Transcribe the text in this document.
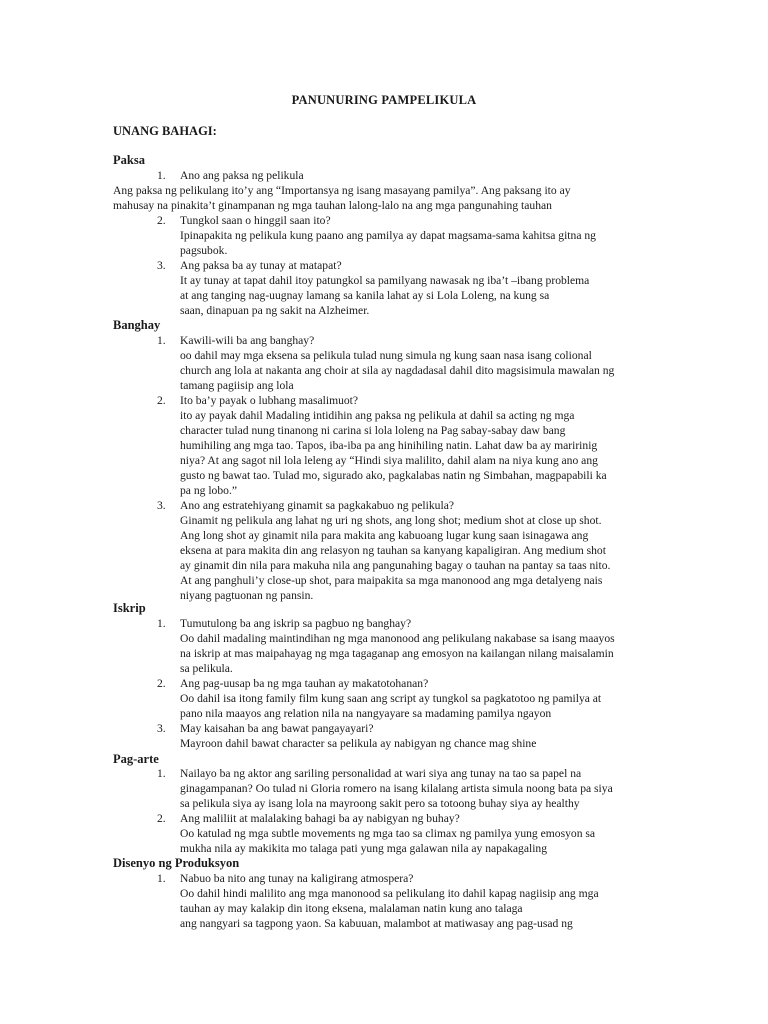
PANUNURING PAMPELIKULA
UNANG BAHAGI:
Paksa
1. Ano ang paksa ng pelikula
Ang paksa ng pelikulang ito’y ang “Importansya ng isang masayang pamilya”. Ang paksang ito ay
mahusay na pinakita’t ginampanan ng mga tauhan lalong-lalo na ang mga pangunahing tauhan
2. Tungkol saan o hinggil saan ito?
Ipinapakita ng pelikula kung paano ang pamilya ay dapat magsama-sama kahitsa gitna ng
pagsubok.
3. Ang paksa ba ay tunay at matapat?
It ay tunay at tapat dahil itoy patungkol sa pamilyang nawasak ng iba’t –ibang problema
at ang tanging nag-uugnay lamang sa kanila lahat ay si Lola Loleng, na kung sa
saan, dinapuan pa ng sakit na Alzheimer.
Banghay
1. Kawili-wili ba ang banghay?
oo dahil may mga eksena sa pelikula tulad nung simula ng kung saan nasa isang colional
church ang lola at nakanta ang choir at sila ay nagdadasal dahil dito magsisimula mawalan ng
tamang pagiisip ang lola
2. Ito ba’y payak o lubhang masalimuot?
ito ay payak dahil Madaling intidihin ang paksa ng pelikula at dahil sa acting ng mga
character tulad nung tinanong ni carina si lola loleng na Pag sabay-sabay daw bang
humihiling ang mga tao. Tapos, iba-iba pa ang hinihiling natin. Lahat daw ba ay maririnig
niya? At ang sagot nil lola leleng ay “Hindi siya malilito, dahil alam na niya kung ano ang
gusto ng bawat tao. Tulad mo, sigurado ako, pagkalabas natin ng Simbahan, magpapabili ka
pa ng lobo.”
3. Ano ang estratehiyang ginamit sa pagkakabuo ng pelikula?
Ginamit ng pelikula ang lahat ng uri ng shots, ang long shot; medium shot at close up shot.
Ang long shot ay ginamit nila para makita ang kabuoang lugar kung saan isinagawa ang
eksena at para makita din ang relasyon ng tauhan sa kanyang kapaligiran. Ang medium shot
ay ginamit din nila para makuha nila ang pangunahing bagay o tauhan na pantay sa taas nito.
At ang panghuli’y close-up shot, para maipakita sa mga manonood ang mga detalyeng nais
niyang pagtuonan ng pansin.
Iskrip
1. Tumutulong ba ang iskrip sa pagbuo ng banghay?
Oo dahil madaling maintindihan ng mga manonood ang pelikulang nakabase sa isang maayos
na iskrip at mas maipahayag ng mga tagaganap ang emosyon na kailangan nilang maisalamin
sa pelikula.
2. Ang pag-uusap ba ng mga tauhan ay makatotohanan?
Oo dahil isa itong family film kung saan ang script ay tungkol sa pagkatotoo ng pamilya at
pano nila maayos ang relation nila na nangyayare sa madaming pamilya ngayon
3. May kaisahan ba ang bawat pangayayari?
Mayroon dahil bawat character sa pelikula ay nabigyan ng chance mag shine
Pag-arte
1. Nailayo ba ng aktor ang sariling personalidad at wari siya ang tunay na tao sa papel na
ginagampanan? Oo tulad ni Gloria romero na isang kilalang artista simula noong bata pa siya
sa pelikula siya ay isang lola na mayroong sakit pero sa totoong buhay siya ay healthy
2. Ang maliliit at malalaking bahagi ba ay nabigyan ng buhay?
Oo katulad ng mga subtle movements ng mga tao sa climax ng pamilya yung emosyon sa
mukha nila ay makikita mo talaga pati yung mga galawan nila ay napakagaling
Disenyo ng Produksyon
1. Nabuo ba nito ang tunay na kaligirang atmospera?
Oo dahil hindi malilito ang mga manonood sa pelikulang ito dahil kapag nagiisip ang mga
tauhan ay may kalakip din itong eksena, malalaman natin kung ano talaga
ang nangyari sa tagpong yaon. Sa kabuuan, malambot at matiwasay ang pag-usad ng
